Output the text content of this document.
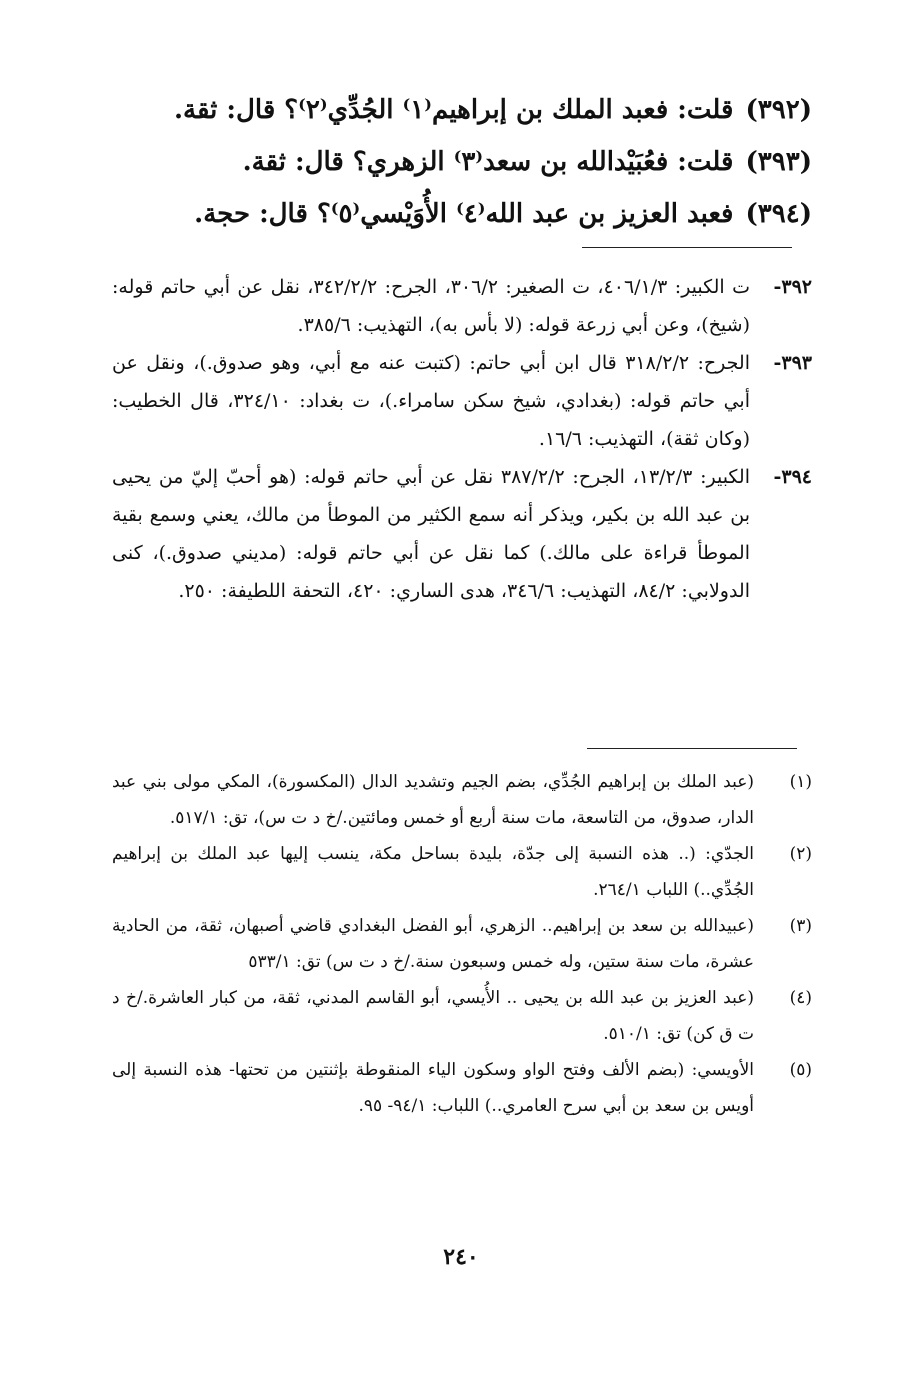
(٣٩٢)قلت: فعبد الملك بن إبراهيم⁽١⁾ الجُدِّي⁽٢⁾؟ قال: ثقة.
(٣٩٣)قلت: فعُبَيْدالله بن سعد⁽٣⁾ الزهري؟ قال: ثقة.
(٣٩٤)فعبد العزيز بن عبد الله⁽٤⁾ الأُوَيْسي⁽٥⁾؟ قال: حجة.
٣٩٢-
ت الكبير: ٤٠٦/١/٣، ت الصغير: ٣٠٦/٢، الجرح: ٣٤٢/٢/٢، نقل عن أبي حاتم قوله: (شيخ)، وعن أبي زرعة قوله: (لا بأس به)، التهذيب: ٣٨٥/٦.
٣٩٣-
الجرح: ٣١٨/٢/٢ قال ابن أبي حاتم: (كتبت عنه مع أبي، وهو صدوق.)، ونقل عن أبي حاتم قوله: (بغدادي، شيخ سكن سامراء.)، ت بغداد: ٣٢٤/١٠، قال الخطيب: (وكان ثقة)، التهذيب: ١٦/٦.
٣٩٤-
الكبير: ١٣/٢/٣، الجرح: ٣٨٧/٢/٢ نقل عن أبي حاتم قوله: (هو أحبّ إليّ من يحيى بن عبد الله بن بكير، ويذكر أنه سمع الكثير من الموطأ من مالك، يعني وسمع بقية الموطأ قراءة على مالك.) كما نقل عن أبي حاتم قوله: (مديني صدوق.)، كنى الدولابي: ٨٤/٢، التهذيب: ٣٤٦/٦، هدى الساري: ٤٢٠، التحفة اللطيفة: ٢٥٠.
(١)
(عبد الملك بن إبراهيم الجُدِّي، بضم الجيم وتشديد الدال (المكسورة)، المكي مولى بني عبد الدار، صدوق، من التاسعة، مات سنة أربع أو خمس ومائتين./خ د ت س)، تق: ٥١٧/١.
(٢)
الجدّي: (.. هذه النسبة إلى جدّة، بليدة بساحل مكة، ينسب إليها عبد الملك بن إبراهيم الجُدِّي..) اللباب ٢٦٤/١.
(٣)
(عبيدالله بن سعد بن إبراهيم.. الزهري، أبو الفضل البغدادي قاضي أصبهان، ثقة، من الحادية عشرة، مات سنة ستين، وله خمس وسبعون سنة./خ د ت س) تق: ٥٣٣/١
(٤)
(عبد العزيز بن عبد الله بن يحيى .. الأُيسي، أبو القاسم المدني، ثقة، من كبار العاشرة./خ د ت ق كن) تق: ٥١٠/١.
(٥)
الأويسي: (بضم الألف وفتح الواو وسكون الياء المنقوطة بإثنتين من تحتها- هذه النسبة إلى أويس بن سعد بن أبي سرح العامري..) اللباب: ٩٤/١- ٩٥.
٢٤٠
